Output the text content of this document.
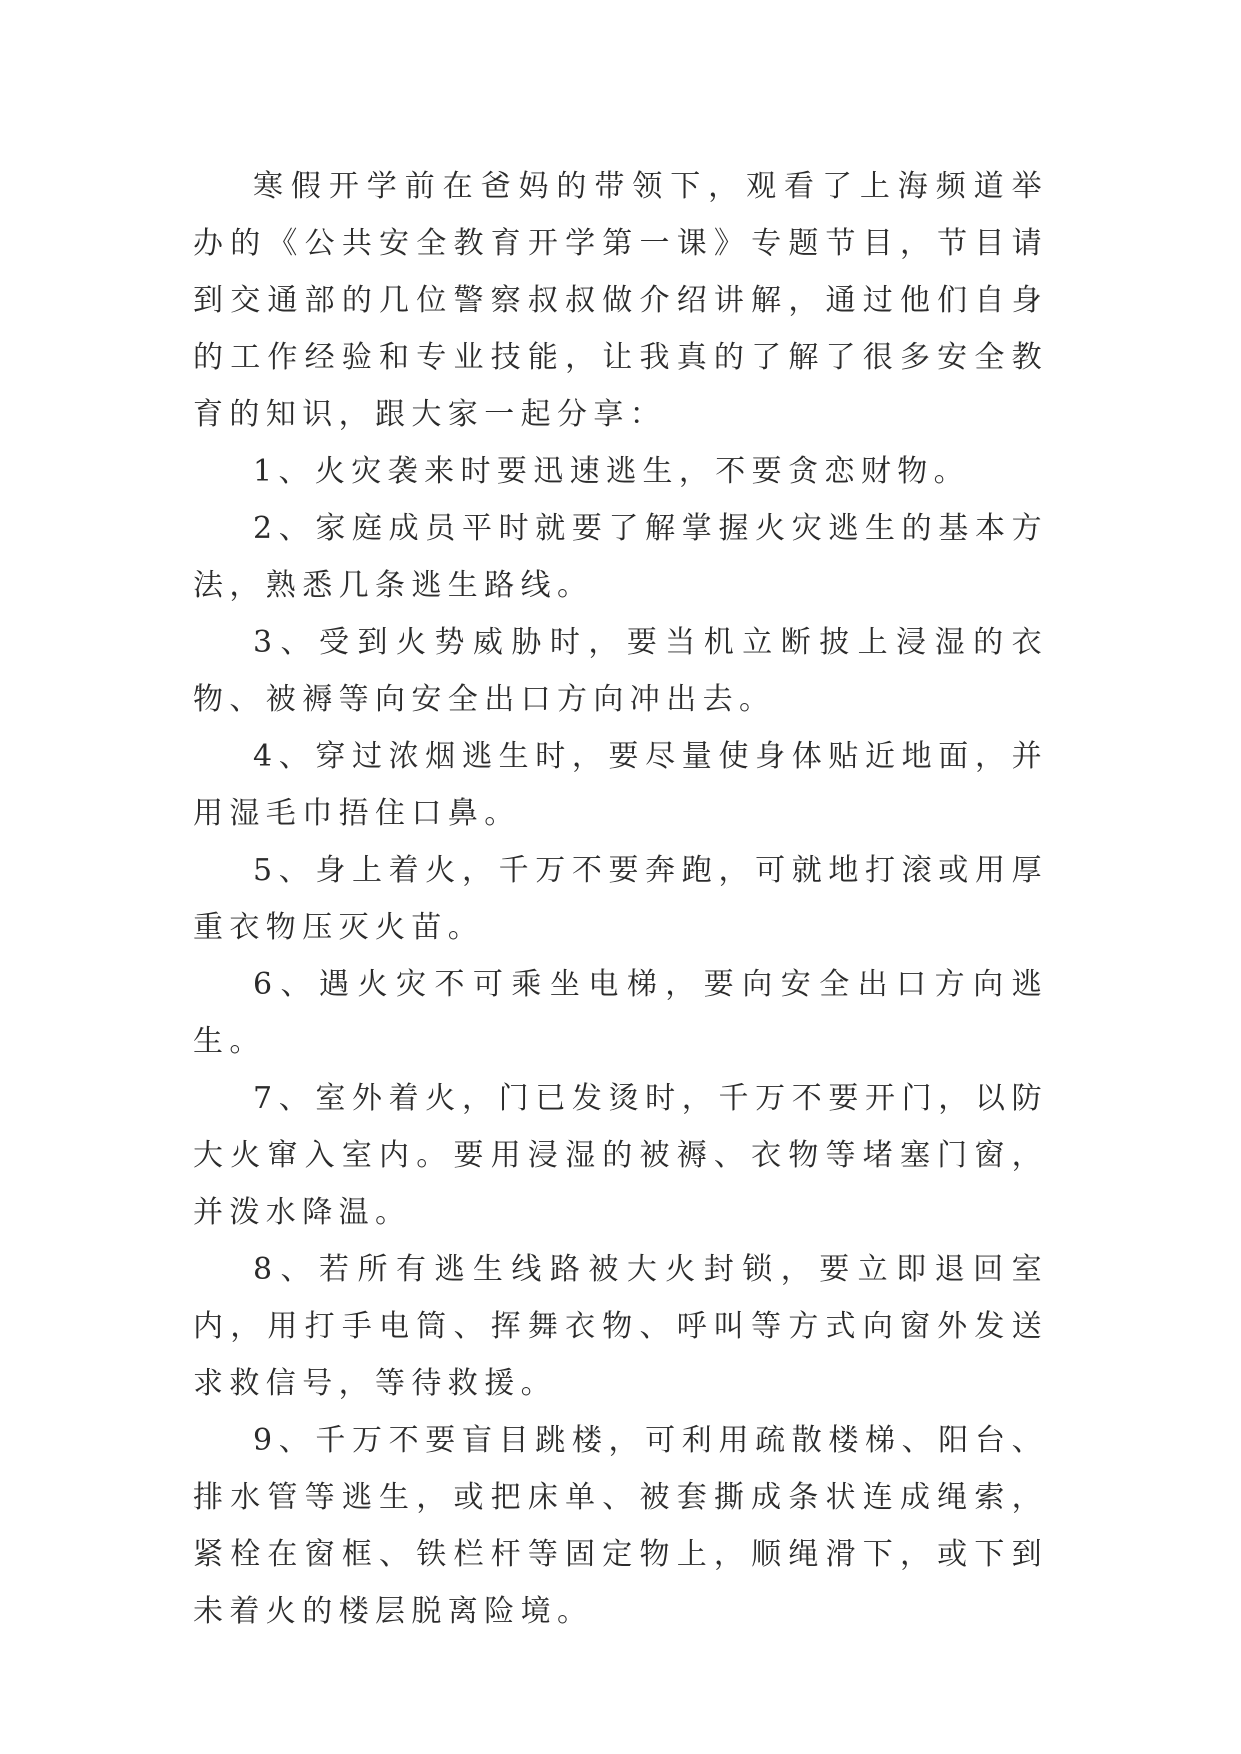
寒假开学前在爸妈的带领下，观看了上海频道举办的《公共安全教育开学第一课》专题节目，节目请到交通部的几位警察叔叔做介绍讲解，通过他们自身的工作经验和专业技能，让我真的了解了很多安全教育的知识，跟大家一起分享：

1、火灾袭来时要迅速逃生，不要贪恋财物。

2、家庭成员平时就要了解掌握火灾逃生的基本方法，熟悉几条逃生路线。

3、受到火势威胁时，要当机立断披上浸湿的衣物、被褥等向安全出口方向冲出去。

4、穿过浓烟逃生时，要尽量使身体贴近地面，并用湿毛巾捂住口鼻。

5、身上着火，千万不要奔跑，可就地打滚或用厚重衣物压灭火苗。

6、遇火灾不可乘坐电梯，要向安全出口方向逃生。

7、室外着火，门已发烫时，千万不要开门，以防大火窜入室内。要用浸湿的被褥、衣物等堵塞门窗，并泼水降温。

8、若所有逃生线路被大火封锁，要立即退回室内，用打手电筒、挥舞衣物、呼叫等方式向窗外发送求救信号，等待救援。

9、千万不要盲目跳楼，可利用疏散楼梯、阳台、排水管等逃生，或把床单、被套撕成条状连成绳索，紧栓在窗框、铁栏杆等固定物上，顺绳滑下，或下到未着火的楼层脱离险境。
